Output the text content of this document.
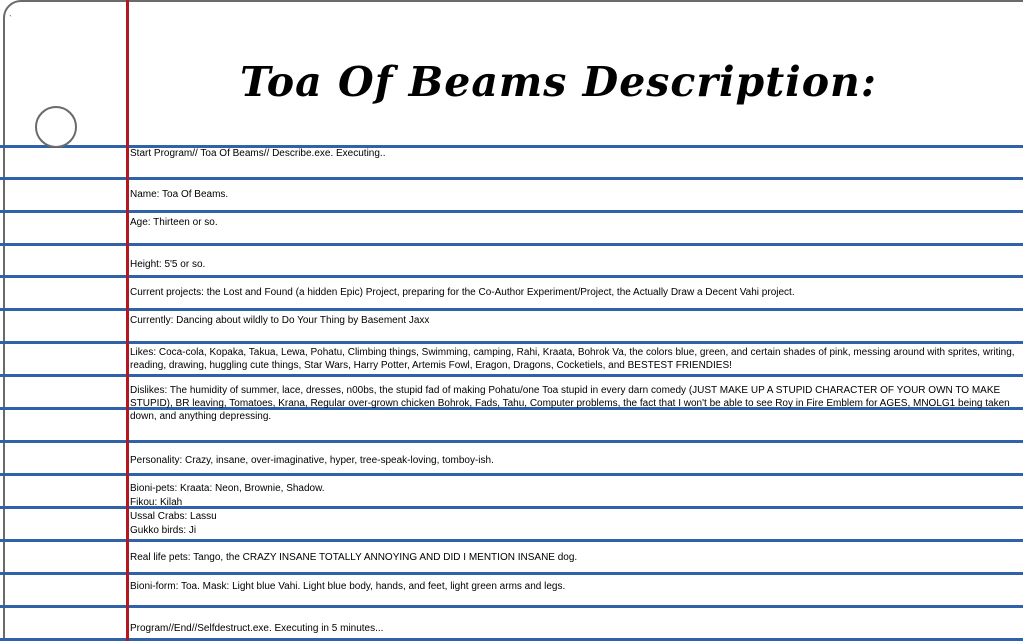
`
Toa Of Beams Description:
Start Program// Toa Of Beams// Describe.exe. Executing..
Name: Toa Of Beams.
Age: Thirteen or so.
Height: 5'5 or so.
Current projects: the Lost and Found (a hidden Epic) Project, preparing for the Co-Author Experiment/Project, the Actually Draw a Decent Vahi project.
Currently: Dancing about wildly to Do Your Thing by Basement Jaxx
Likes: Coca-cola, Kopaka, Takua, Lewa, Pohatu, Climbing things, Swimming, camping, Rahi, Kraata, Bohrok Va, the colors blue, green, and certain shades of pink, messing around with sprites, writing, reading, drawing, huggling cute things, Star Wars, Harry Potter, Artemis Fowl, Eragon, Dragons, Cocketiels, and BESTEST FRIENDIES!
Dislikes: The humidity of summer, lace, dresses, n00bs, the stupid fad of making Pohatu/one Toa stupid in every darn comedy (JUST MAKE UP A STUPID CHARACTER OF YOUR OWN TO MAKE STUPID), BR leaving, Tomatoes, Krana, Regular over-grown chicken Bohrok, Fads, Tahu, Computer problems, the fact that I won't be able to see Roy in Fire Emblem for AGES, MNOLG1 being taken down, and anything depressing.
Personality: Crazy, insane, over-imaginative, hyper, tree-speak-loving, tomboy-ish.
Bioni-pets: Kraata: Neon, Brownie, Shadow.
Fikou: Kilah
Ussal Crabs: Lassu
Gukko birds: Ji
Real life pets: Tango, the CRAZY INSANE TOTALLY ANNOYING AND DID I MENTION INSANE dog.
Bioni-form: Toa. Mask: Light blue Vahi. Light blue body, hands, and feet, light green arms and legs.
Program//End//Selfdestruct.exe. Executing in 5 minutes...
